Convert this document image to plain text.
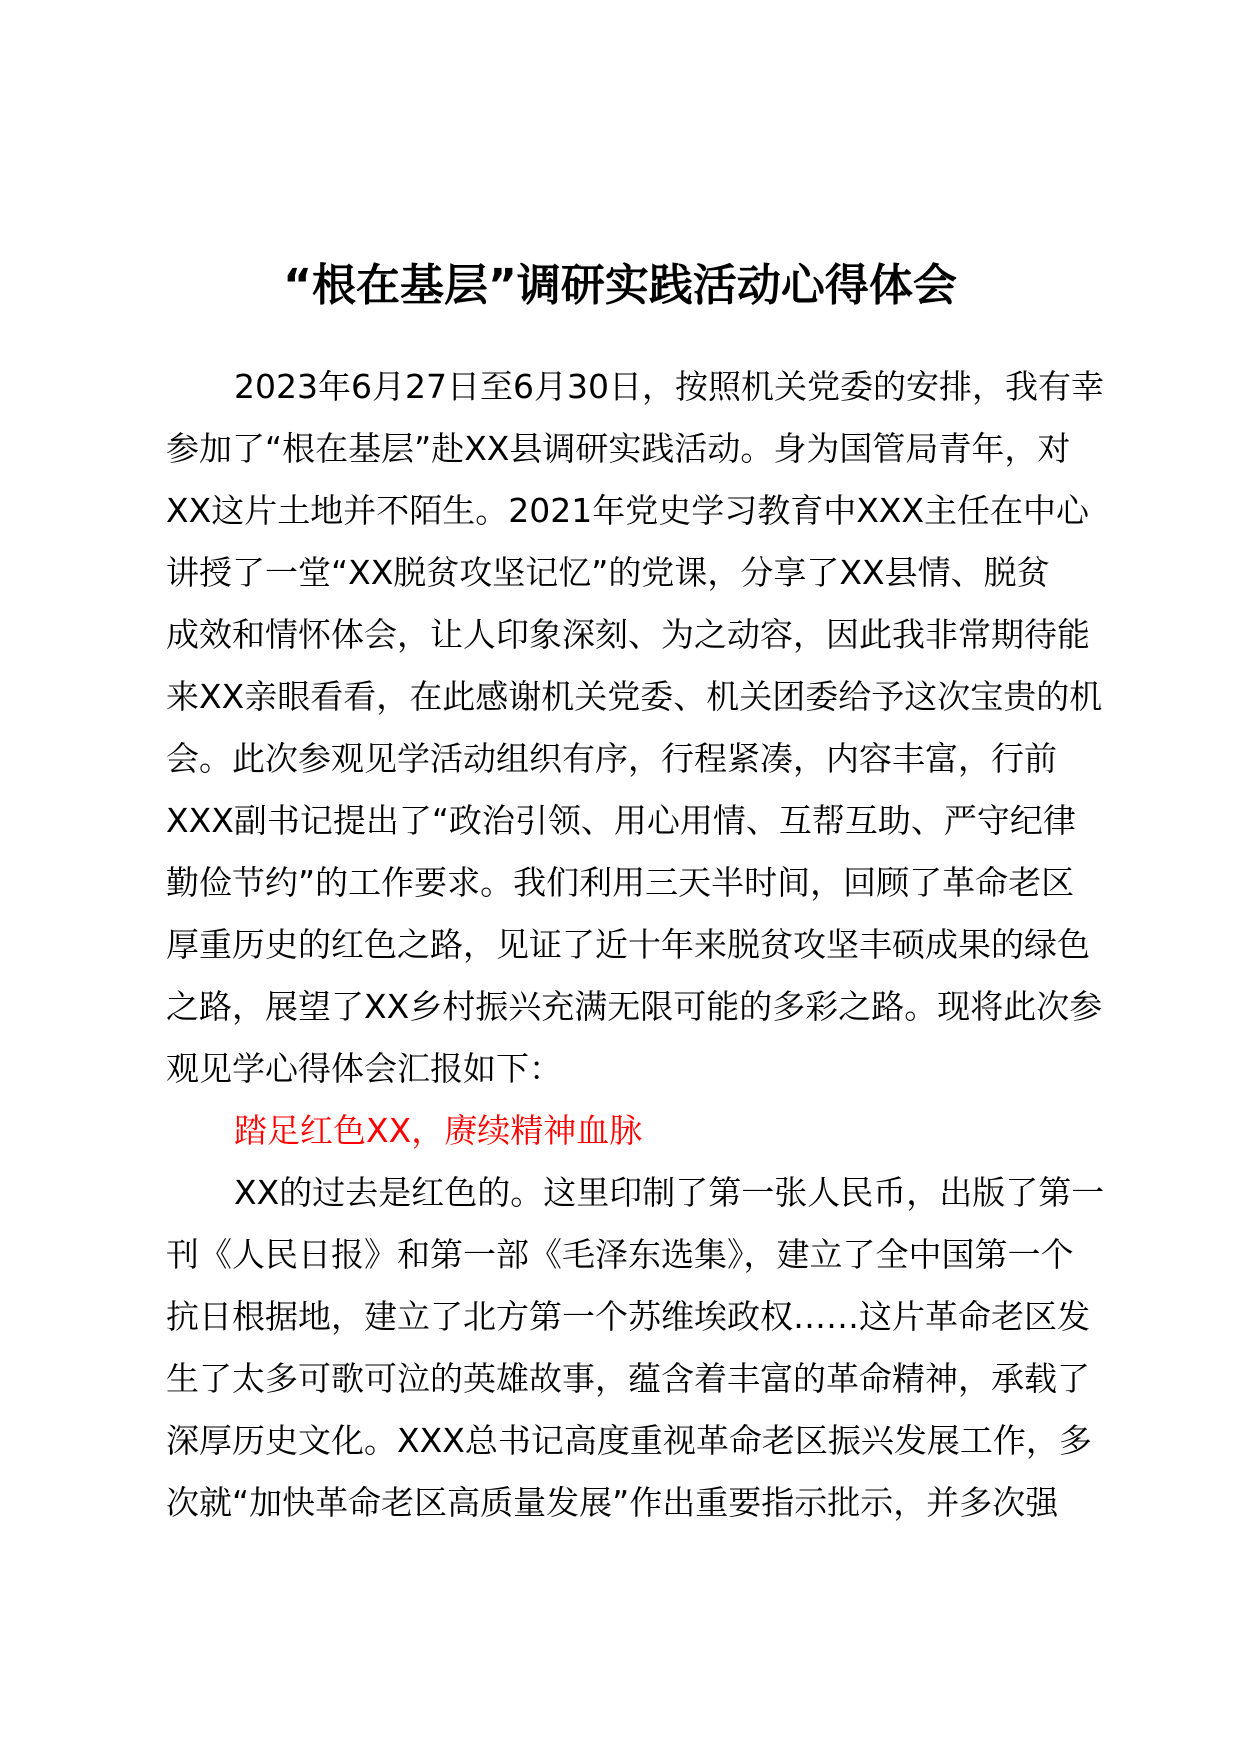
“根在基层”调研实践活动心得体会
2023年6月27日至6月30日，按照机关党委的安排，我有幸
参加了“根在基层”赴XX县调研实践活动。身为国管局青年，对
XX这片土地并不陌生。2021年党史学习教育中XXX主任在中心
讲授了一堂“XX脱贫攻坚记忆”的党课，分享了XX县情、脱贫
成效和情怀体会，让人印象深刻、为之动容，因此我非常期待能
来XX亲眼看看，在此感谢机关党委、机关团委给予这次宝贵的机
会。此次参观见学活动组织有序，行程紧凑，内容丰富，行前
XXX副书记提出了“政治引领、用心用情、互帮互助、严守纪律
勤俭节约”的工作要求。我们利用三天半时间，回顾了革命老区
厚重历史的红色之路，见证了近十年来脱贫攻坚丰硕成果的绿色
之路，展望了XX乡村振兴充满无限可能的多彩之路。现将此次参
观见学心得体会汇报如下：
踏足红色XX，赓续精神血脉
XX的过去是红色的。这里印制了第一张人民币，出版了第一
刊《人民日报》和第一部《毛泽东选集》，建立了全中国第一个
抗日根据地，建立了北方第一个苏维埃政权……这片革命老区发
生了太多可歌可泣的英雄故事，蕴含着丰富的革命精神，承载了
深厚历史文化。XXX总书记高度重视革命老区振兴发展工作，多
次就“加快革命老区高质量发展”作出重要指示批示，并多次强
